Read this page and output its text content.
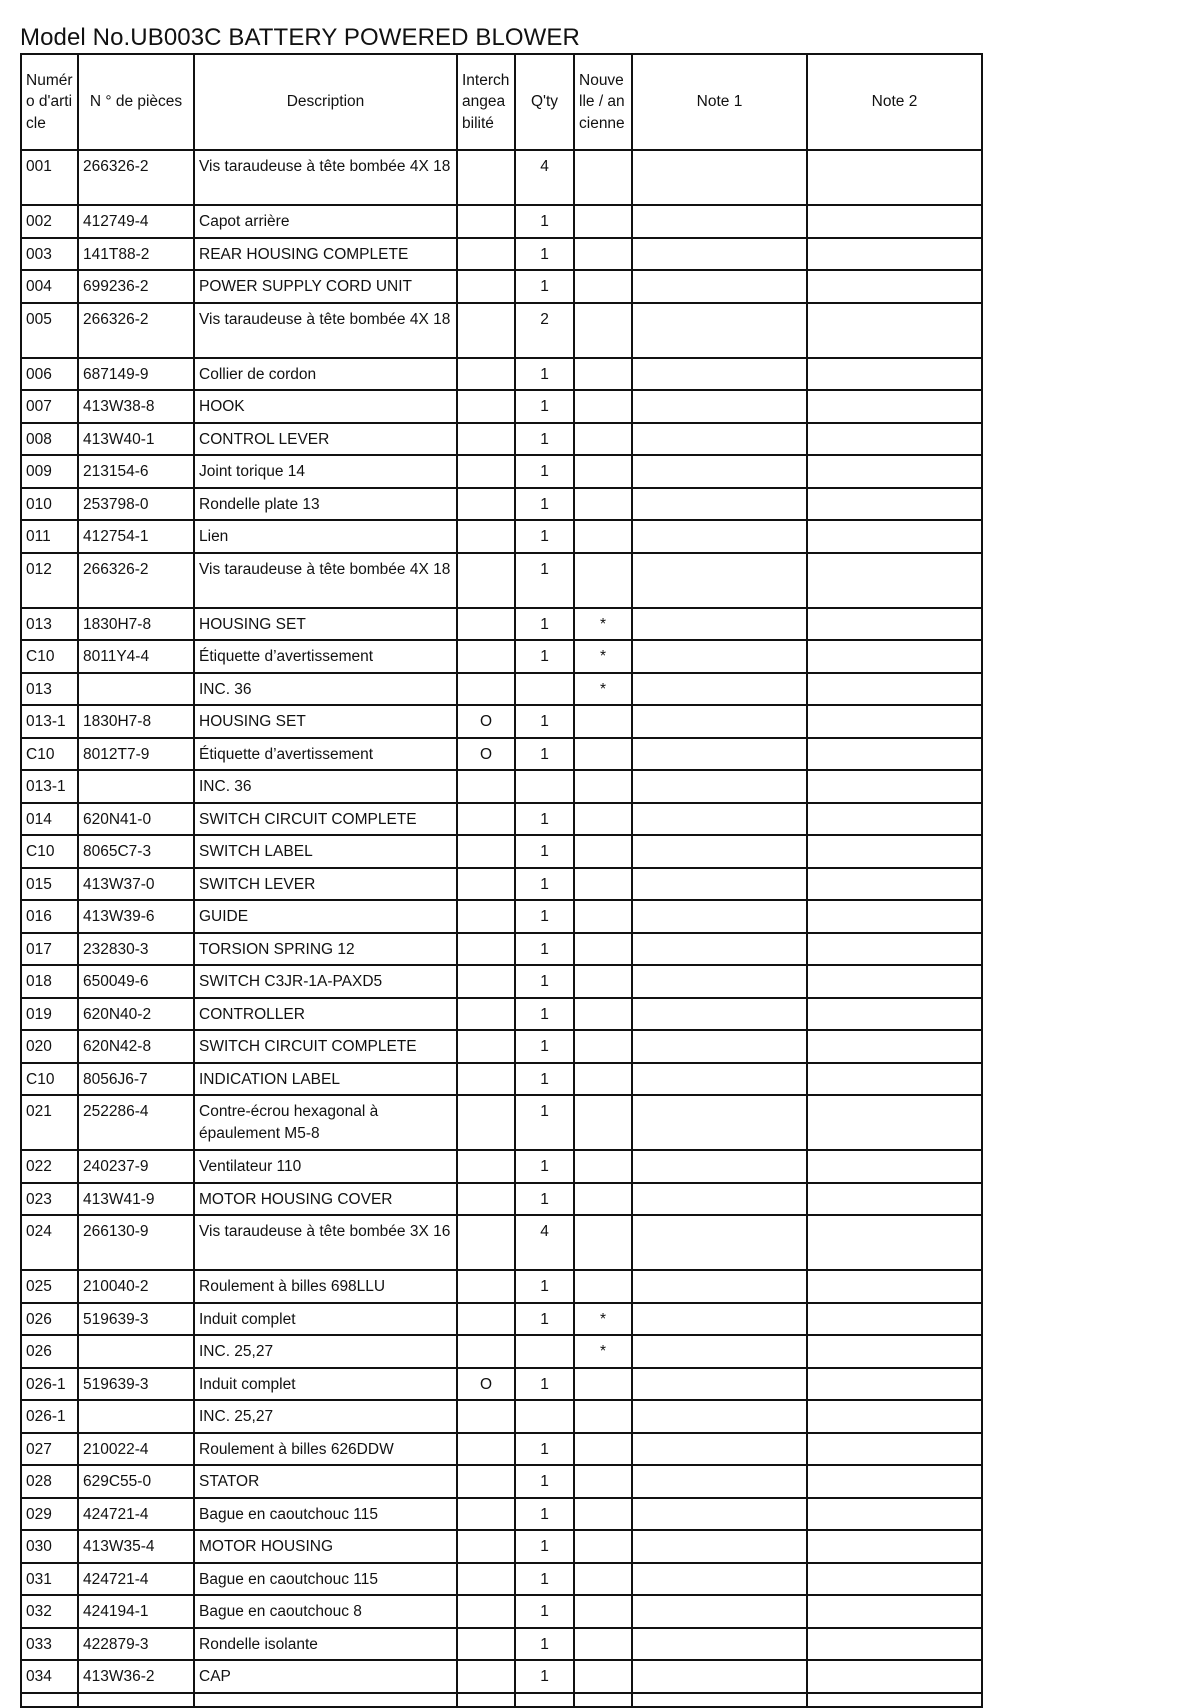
Model No.UB003C BATTERY POWERED BLOWER
Numéro d'article	N ° de pièces	Description	Interchangeabilité	Q'ty	Nouvelle / ancienne	Note 1	Note 2
001	266326-2	Vis taraudeuse à tête bombée 4X 18		4			
002	412749-4	Capot arrière		1			
003	141T88-2	REAR HOUSING COMPLETE		1			
004	699236-2	POWER SUPPLY CORD UNIT		1			
005	266326-2	Vis taraudeuse à tête bombée 4X 18		2			
006	687149-9	Collier de cordon		1			
007	413W38-8	HOOK		1			
008	413W40-1	CONTROL LEVER		1			
009	213154-6	Joint torique 14		1			
010	253798-0	Rondelle plate 13		1			
011	412754-1	Lien		1			
012	266326-2	Vis taraudeuse à tête bombée 4X 18		1			
013	1830H7-8	HOUSING SET		1	*		
C10	8011Y4-4	Étiquette d’avertissement		1	*		
013		INC. 36			*		
013-1	1830H7-8	HOUSING SET	O	1			
C10	8012T7-9	Étiquette d’avertissement	O	1			
013-1		INC. 36					
014	620N41-0	SWITCH CIRCUIT COMPLETE		1			
C10	8065C7-3	SWITCH LABEL		1			
015	413W37-0	SWITCH LEVER		1			
016	413W39-6	GUIDE		1			
017	232830-3	TORSION SPRING 12		1			
018	650049-6	SWITCH C3JR-1A-PAXD5		1			
019	620N40-2	CONTROLLER		1			
020	620N42-8	SWITCH CIRCUIT COMPLETE		1			
C10	8056J6-7	INDICATION LABEL		1			
021	252286-4	Contre-écrou hexagonal à épaulement M5-8		1			
022	240237-9	Ventilateur 110		1			
023	413W41-9	MOTOR HOUSING COVER		1			
024	266130-9	Vis taraudeuse à tête bombée 3X 16		4			
025	210040-2	Roulement à billes 698LLU		1			
026	519639-3	Induit complet		1	*		
026		INC. 25,27			*		
026-1	519639-3	Induit complet	O	1			
026-1		INC. 25,27					
027	210022-4	Roulement à billes 626DDW		1			
028	629C55-0	STATOR		1			
029	424721-4	Bague en caoutchouc 115		1			
030	413W35-4	MOTOR HOUSING		1			
031	424721-4	Bague en caoutchouc 115		1			
032	424194-1	Bague en caoutchouc 8		1			
033	422879-3	Rondelle isolante		1			
034	413W36-2	CAP		1			
